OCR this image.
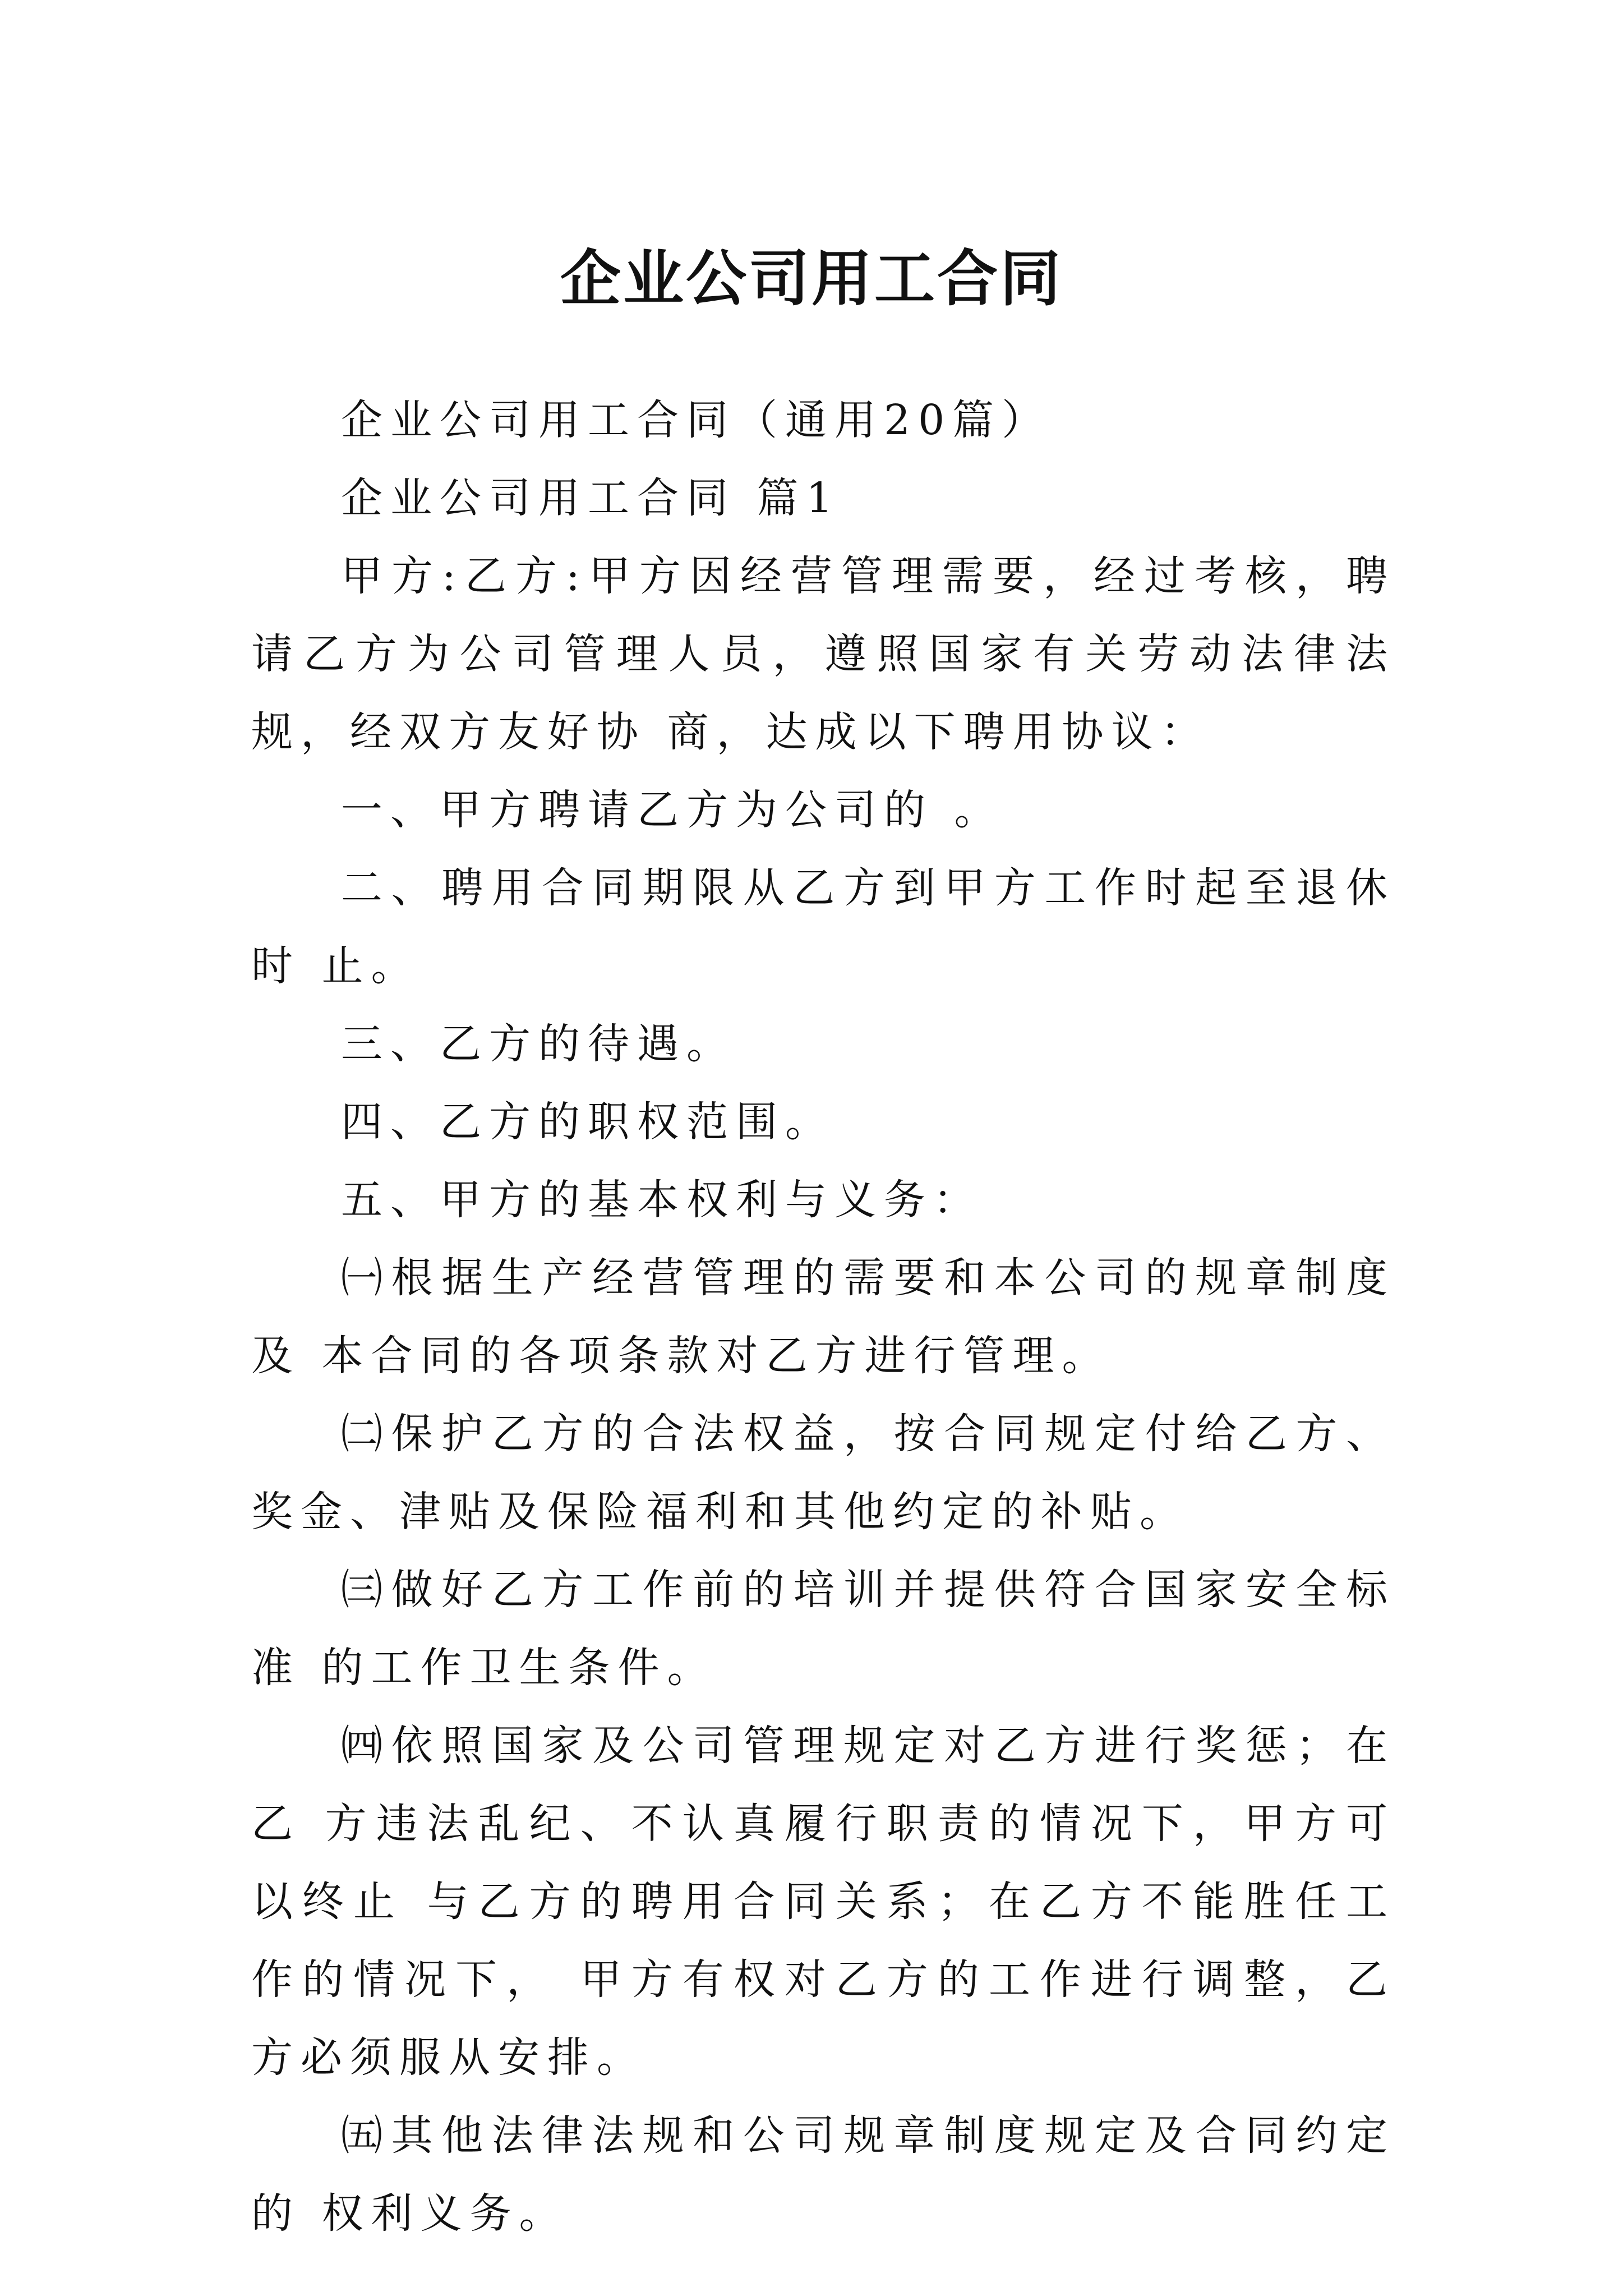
企业公司用工合同

企业公司用工合同（通用20篇）

企业公司用工合同 篇1

甲方:乙方:甲方因经营管理需要，经过考核，聘请乙方为公司管理人员，遵照国家有关劳动法律法规，经双方友好协 商，达成以下聘用协议：

一、甲方聘请乙方为公司的 。

二、聘用合同期限从乙方到甲方工作时起至退休时 止。

三、乙方的待遇。

四、乙方的职权范围。

五、甲方的基本权利与义务：

㈠根据生产经营管理的需要和本公司的规章制度及 本合同的各项条款对乙方进行管理。

㈡保护乙方的合法权益，按合同规定付给乙方、 奖金、津贴及保险福利和其他约定的补贴。

㈢做好乙方工作前的培训并提供符合国家安全标准 的工作卫生条件。

㈣依照国家及公司管理规定对乙方进行奖惩；在乙 方违法乱纪、不认真履行职责的情况下，甲方可以终止 与乙方的聘用合同关系；在乙方不能胜任工作的情况下， 甲方有权对乙方的工作进行调整，乙方必须服从安排。

㈤其他法律法规和公司规章制度规定及合同约定的 权利义务。
